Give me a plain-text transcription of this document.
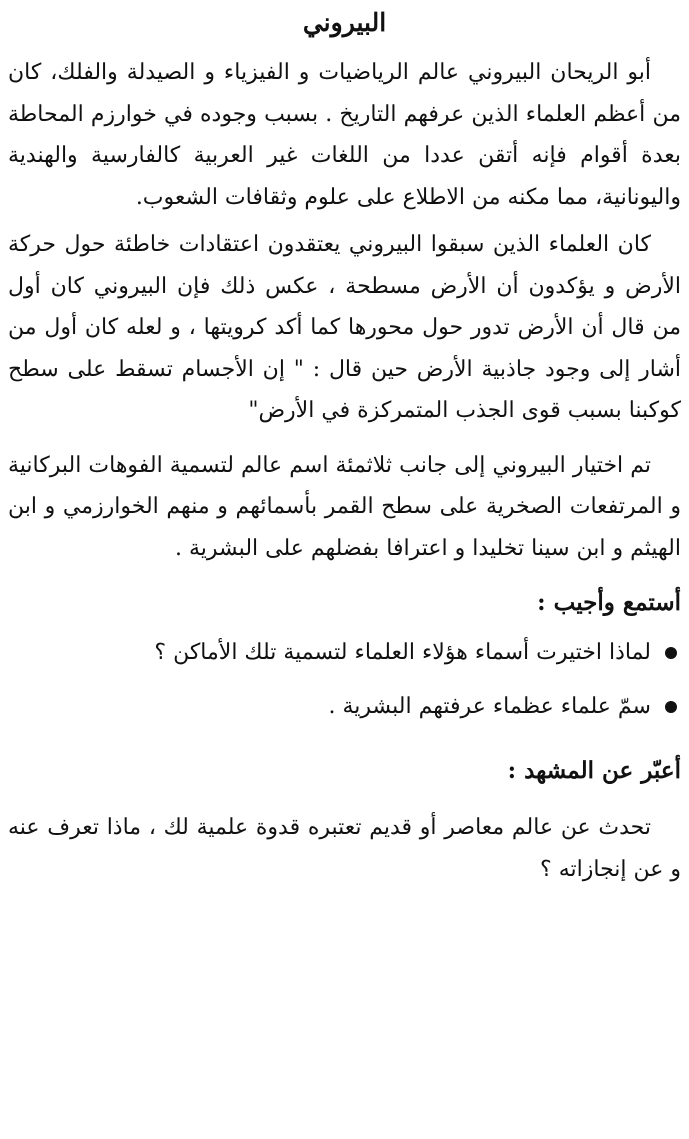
البيروني

أبو الريحان البيروني عالم الرياضيات و الفيزياء و الصيدلة والفلك، كان من أعظم العلماء الذين عرفهم التاريخ . بسبب وجوده في خوارزم المحاطة بعدة أقوام فإنه أتقن عددا من اللغات غير العربية كالفارسية والهندية واليونانية، مما مكنه من الاطلاع على علوم وثقافات الشعوب.

كان العلماء الذين سبقوا البيروني يعتقدون اعتقادات خاطئة حول حركة الأرض و يؤكدون أن الأرض مسطحة ، عكس ذلك فإن البيروني كان أول من قال أن الأرض تدور حول محورها كما أكد كرويتها ، و لعله كان أول من أشار إلى وجود جاذبية الأرض حين قال : " إن الأجسام تسقط على سطح كوكبنا بسبب قوى الجذب المتمركزة في الأرض"

تم اختيار البيروني إلى جانب ثلاثمئة اسم عالم لتسمية الفوهات البركانية و المرتفعات الصخرية على سطح القمر بأسمائهم و منهم الخوارزمي و ابن الهيثم و ابن سينا تخليدا و اعترافا بفضلهم على البشرية .

أستمع وأجيب :
لماذا اختيرت أسماء هؤلاء العلماء لتسمية تلك الأماكن ؟
سمّ علماء عظماء عرفتهم البشرية .
أعبّر عن المشهد :

تحدث عن عالم معاصر أو قديم تعتبره قدوة علمية لك ، ماذا تعرف عنه و عن إنجازاته ؟
